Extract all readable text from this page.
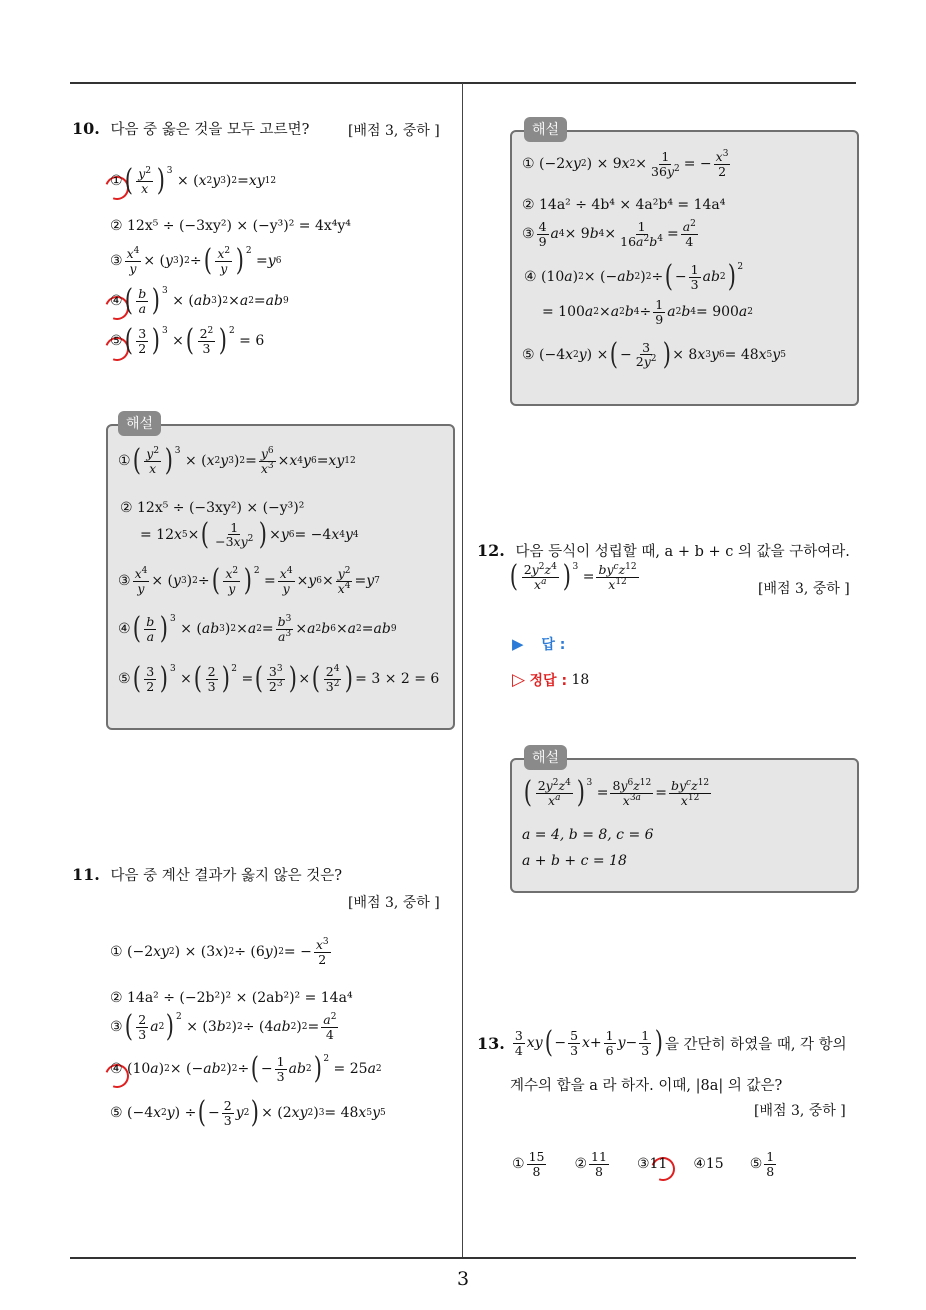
3
10. 다음 중 옳은 것을 모두 고르면?	[배점 3, 중하 ]
① ( $\frac{y^2}{x} )^3$
× ( x 2 y 3 ) 2 = xy 12
② 12x⁵ ÷ (−3xy²) × (−y³)² = 4x⁴y⁴
③ $\frac{x^4}{y}$ × ( y 3 ) 2 ÷ ( $\frac{x^2}{y} )^2$
= y 6
④ ( $\frac{b}{a} )^3$
× ( ab 3 ) 2 × a 2 = ab 9
⑤ ( $\frac{3}{2} )^3$
× ( $\frac{2^2}{3} )^2$
= 6
해설
① ( $\frac{y^2}{x} )^3$
× ( x 2 y 3 ) $2 = \frac{y^6}{x^3} \times x$ 4 y 6 = xy 12
② 12x⁵ ÷ (−3xy²) × (−y³)²
= 12 x 5 × ( $\frac{1}{-3xy^2}$ ) × y 6 = −4 x 4 y 4
③ $\frac{x^4}{y}$ × ( y 3 ) 2 ÷ ( $\frac{x^2}{y} )^2$
= $\frac{x^4}{y} \times y$ $6 \times \frac{y^2}{x^4} = y$ 7
④ ( $\frac{b}{a} )^3$
× ( ab 3 ) 2 × a $2 = \frac{b^3}{a^3} \times a$ 2 b 6 × a 2 = ab 9
⑤ ( $\frac{3}{2} )^3$
× ( $\frac{2}{3} )^2$
= ( $\frac{3^3}{2^3}$ ) × ( $\frac{2^4}{3^2}$ ) = 3 × 2 = 6
11. 다음 중 계산 결과가 옳지 않은 것은?
[배점 3, 중하 ]
① (−2 xy 2 ) × (3 x ) 2 ÷ (6 y ) 2 = − $\frac{x^3}{2}$
② 14a² ÷ (−2b²)² × (2ab²)² = 14a⁴
③ ( $\frac{2}{3}$ a 2 )$^2$
× (3 b 2 ) 2 ÷ (4 ab 2 ) $2 = \frac{a^2}{4}$
④ (10 a ) 2 × (− ab 2 ) 2 ÷ ( − $\frac{1}{3}$ ab 2 )$^2$
= 25 a 2
⑤ (−4 x 2 y ) ÷ ( − $\frac{2}{3}$ y 2 ) × (2 xy 2 ) 3 = 48 x 5 y 5
해설
① (−2 xy 2 ) × 9 x $2 \times \frac{1}{36y^2}$ = − $\frac{x^3}{2}$
② 14a² ÷ 4b⁴ × 4a²b⁴ = 14a⁴
③ $\frac{4}{9}$ a 4 × 9 b $4 \times \frac{1}{16a^2b^4} = \frac{a^2}{4}$
④ (10 a ) 2 × (− ab 2 ) 2 ÷ ( − $\frac{1}{3}$ ab 2 )$^2$
= 100 a 2 × a 2 b $4 \div \frac{1}{9}$ a 2 b 4 = 900 a 2
⑤ (−4 x 2 y ) × ( − $\frac{3}{2y^2}$ ) × 8 x 3 y 6 = 48 x 5 y 5
12. 다음 등식이 성립할 때, a + b + c 의 값을 구하여라.
( $\frac{2y^2z^4}{x^a} )^3$
= $\frac{by^cz^{12}}{x^{12}}$	[배점 3, 중하 ]
▶
답 :
▷
정답 :
18
해설
( $\frac{2y^2z^4}{x^a} )^3$
= $\frac{8y^6z^{12}}{x^{3a}} = \frac{by^cz^{12}}{x^{12}}$
a = 4, b = 8, c = 6
a + b + c = 18
13. $\frac{3}{4}$ xy ( − $\frac{5}{3}$ $x + \frac{1}{6}$ $y - \frac{1}{3}$ ) 을 간단히 하였을 때, 각 항의
계수의 합을 a 라 하자. 이때, |8a| 의 값은?
[배점 3, 중하 ]
① $\frac{15}{8}$ ② $\frac{11}{8}$ ③ 11 ④ 15 ⑤ $\frac{1}{8}$
